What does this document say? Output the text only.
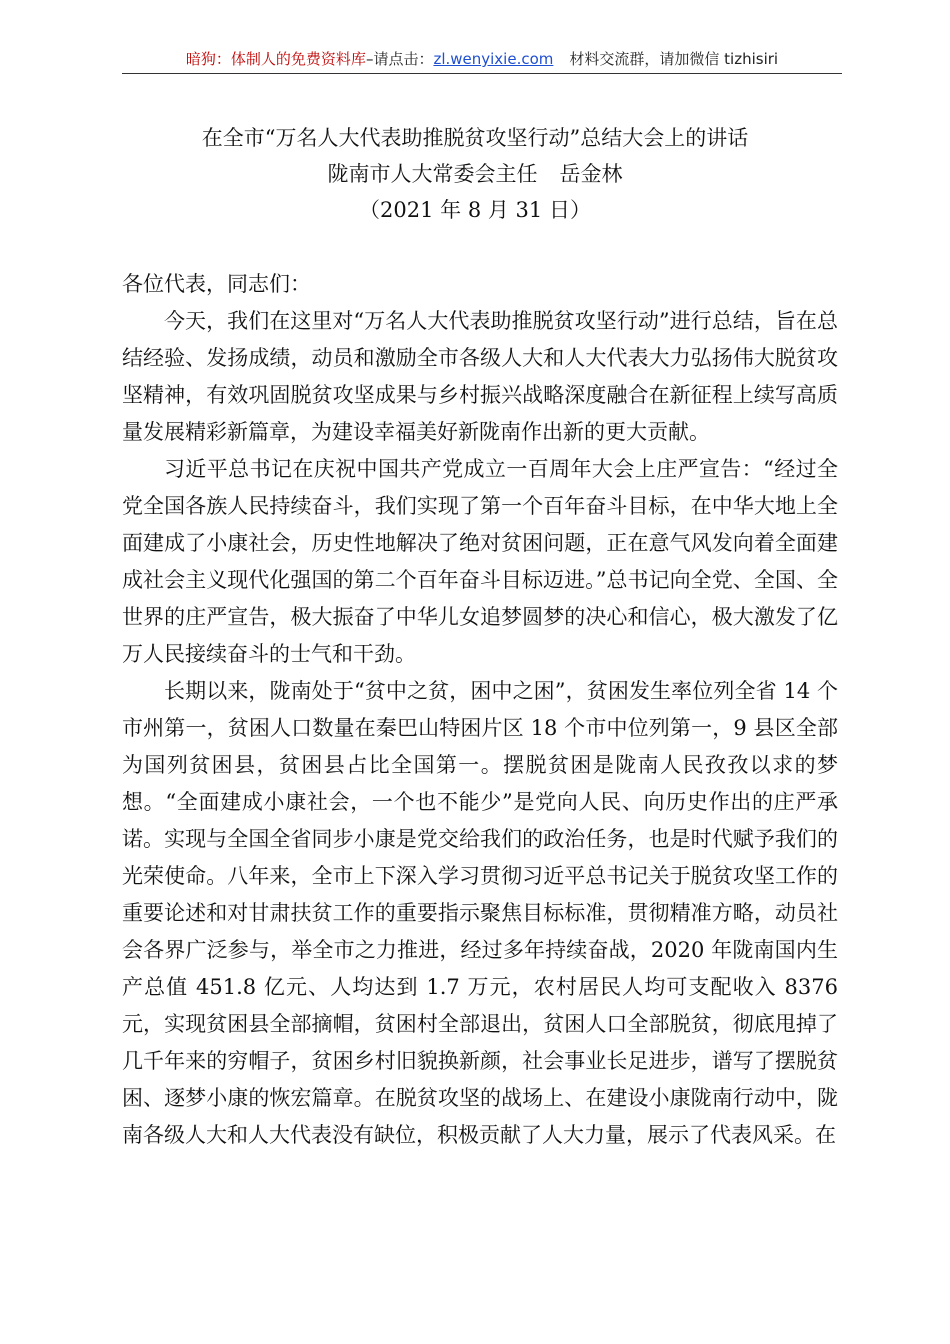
暗狗：体制人的免费资料库–请点击：zl.wenyixie.com 材料交流群，请加微信 tizhisiri
在全市“万名人大代表助推脱贫攻坚行动”总结大会上的讲话
陇南市人大常委会主任 岳金林
（2021 年 8 月 31 日）

各位代表，同志们：

今天，我们在这里对“万名人大代表助推脱贫攻坚行动”进行总结，旨在总结经验、发扬成绩，动员和激励全市各级人大和人大代表大力弘扬伟大脱贫攻坚精神，有效巩固脱贫攻坚成果与乡村振兴战略深度融合在新征程上续写高质量发展精彩新篇章，为建设幸福美好新陇南作出新的更大贡献。

习近平总书记在庆祝中国共产党成立一百周年大会上庄严宣告：“经过全党全国各族人民持续奋斗，我们实现了第一个百年奋斗目标，在中华大地上全面建成了小康社会，历史性地解决了绝对贫困问题，正在意气风发向着全面建成社会主义现代化强国的第二个百年奋斗目标迈进。”总书记向全党、全国、全世界的庄严宣告，极大振奋了中华儿女追梦圆梦的决心和信心，极大激发了亿万人民接续奋斗的士气和干劲。

长期以来，陇南处于“贫中之贫，困中之困”，贫困发生率位列全省 14 个市州第一，贫困人口数量在秦巴山特困片区 18 个市中位列第一，9 县区全部为国列贫困县，贫困县占比全国第一。摆脱贫困是陇南人民孜孜以求的梦想。“全面建成小康社会，一个也不能少”是党向人民、向历史作出的庄严承诺。实现与全国全省同步小康是党交给我们的政治任务，也是时代赋予我们的光荣使命。八年来，全市上下深入学习贯彻习近平总书记关于脱贫攻坚工作的重要论述和对甘肃扶贫工作的重要指示聚焦目标标准，贯彻精准方略，动员社会各界广泛参与，举全市之力推进，经过多年持续奋战，2020 年陇南国内生产总值 451.8 亿元、人均达到 1.7 万元，农村居民人均可支配收入 8376 元，实现贫困县全部摘帽，贫困村全部退出，贫困人口全部脱贫，彻底甩掉了几千年来的穷帽子，贫困乡村旧貌换新颜，社会事业长足进步，谱写了摆脱贫困、逐梦小康的恢宏篇章。在脱贫攻坚的战场上、在建设小康陇南行动中，陇南各级人大和人大代表没有缺位，积极贡献了人大力量，展示了代表风采。在
